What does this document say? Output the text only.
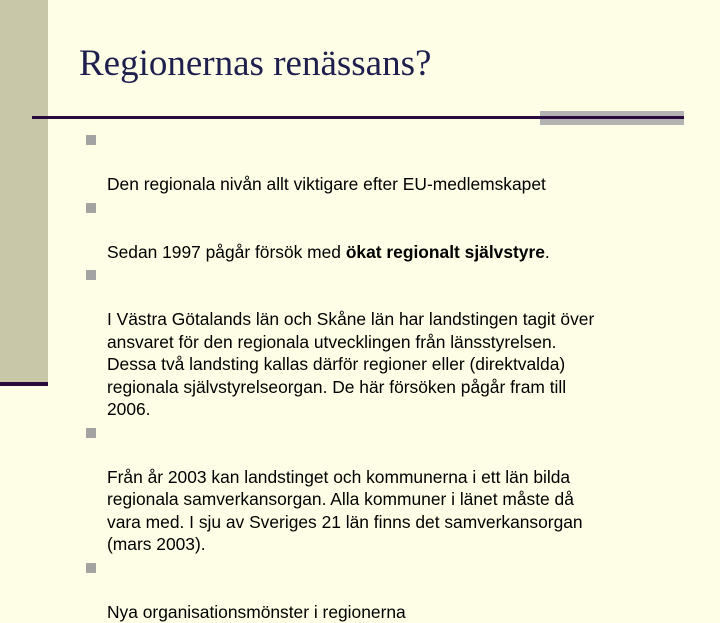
Regionernas renässans?

Den regionala nivån allt viktigare efter EU-medlemskapet

Sedan 1997 pågår försök med ökat regionalt självstyre.

I Västra Götalands län och Skåne län har landstingen tagit över
ansvaret för den regionala utvecklingen från länsstyrelsen.
Dessa två landsting kallas därför regioner eller (direktvalda)
regionala självstyrelseorgan. De här försöken pågår fram till
2006.

Från år 2003 kan landstinget och kommunerna i ett län bilda
regionala samverkansorgan. Alla kommuner i länet måste då
vara med. I sju av Sveriges 21 län finns det samverkansorgan
(mars 2003).

Nya organisationsmönster i regionerna
